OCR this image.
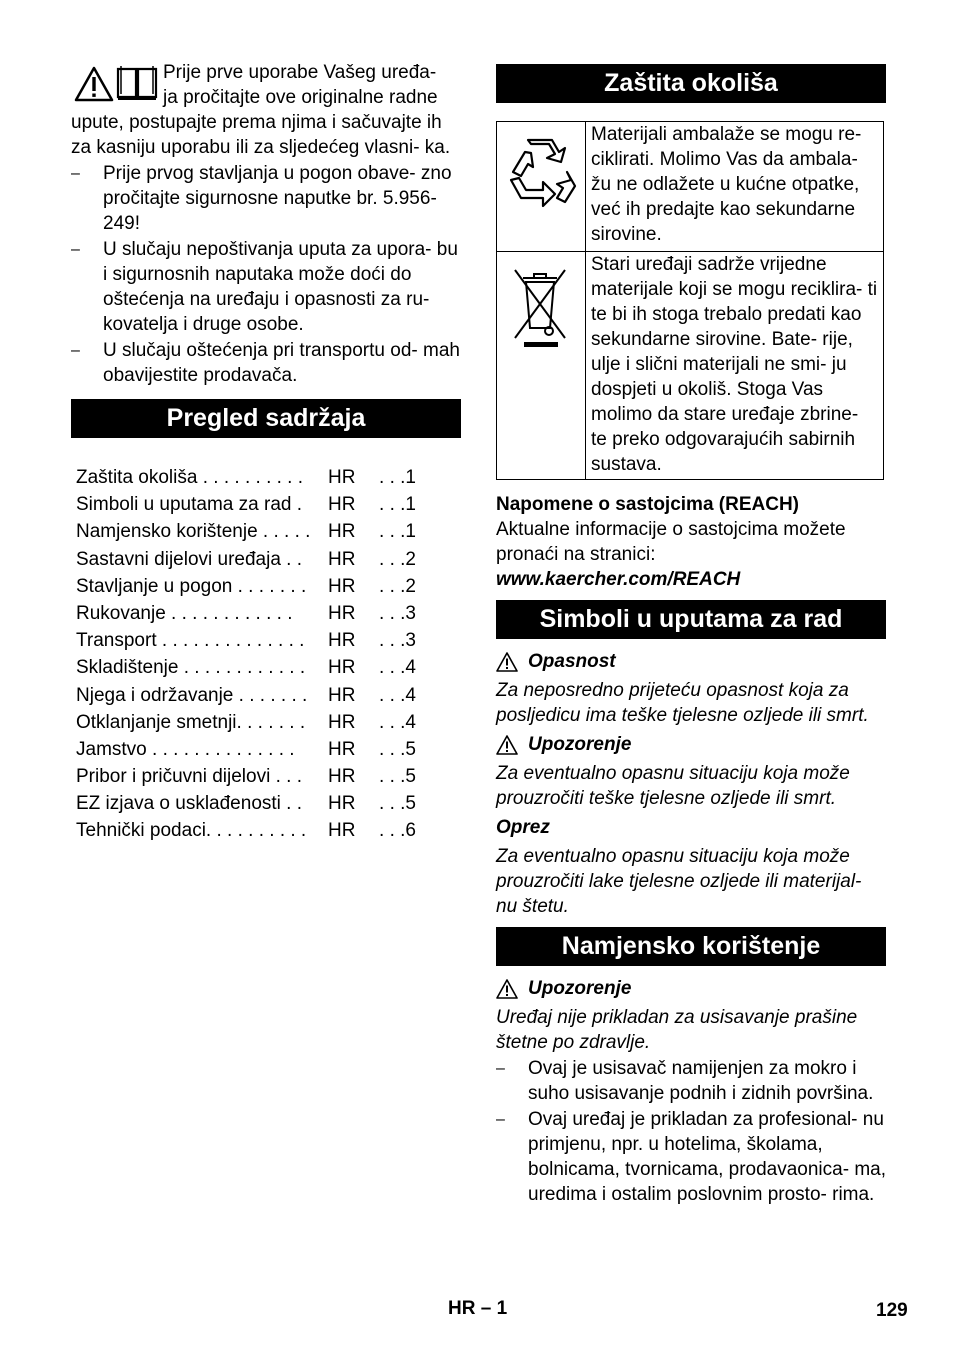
Prije prve uporabe Vašeg uređa-

ja pročitajte ove originalne radne

upute, postupajte prema njima i sačuvajte ih za kasniju uporabu ili za sljedećeg vlasni- ka.

–	Prije prvog stavljanja u pogon obave- zno pročitajte sigurnosne naputke br. 5.956-249!
–	U slučaju nepoštivanja uputa za upora- bu i sigurnosnih naputaka može doći do oštećenja na uređaju i opasnosti za ru- kovatelja i druge osobe.
–	U slučaju oštećenja pri transportu od- mah obavijestite prodavača.
Pregled sadržaja
Zaštita okoliša . . . . . . . . . .	HR	. . .1
Simboli u uputama za rad .	HR	. . .1
Namjensko korištenje . . . . . HR	. . .1
Sastavni dijelovi uređaja . .	HR	. . .2
Stavljanje u pogon . . . . . . .	HR	. . .2
Rukovanje . . . . . . . . . . . .	HR	. . .3
Transport . . . . . . . . . . . . . .	HR	. . .3
Skladištenje . . . . . . . . . . . .	HR	. . .4
Njega i održavanje . . . . . . .	HR	. . .4
Otklanjanje smetnji. . . . . . .	HR	. . .4
Jamstvo . . . . . . . . . . . . . .	HR	. . .5
Pribor i pričuvni dijelovi . . .	HR	. . .5
EZ izjava o usklađenosti . .	HR	. . .5
Tehnički podaci. . . . . . . . . .	HR	. . .6
Zaštita okoliša
	Materijali ambalaže se mogu re- ciklirati. Molimo Vas da ambala- žu ne odlažete u kućne otpatke, već ih predajte kao sekundarne sirovine.
	Stari uređaji sadrže vrijedne materijale koji se mogu reciklira- ti te bi ih stoga trebalo predati kao sekundarne sirovine. Bate- rije, ulje i slični materijali ne smi- ju dospjeti u okoliš. Stoga Vas molimo da stare uređaje zbrine- te preko odgovarajućih sabirnih sustava.

Napomene o sastojcima (REACH)

Aktualne informacije o sastojcima možete pronaći na stranici:

www.kaercher.com/REACH

Simboli u uputama za rad

Opasnost

Za neposredno prijeteću opasnost koja za posljedicu ima teške tjelesne ozljede ili smrt.

Upozorenje

Za eventualno opasnu situaciju koja može prouzročiti teške tjelesne ozljede ili smrt.

Oprez

Za eventualno opasnu situaciju koja može prouzročiti lake tjelesne ozljede ili materijal- nu štetu.

Namjensko korištenje

Upozorenje

Uređaj nije prikladan za usisavanje prašine štetne po zdravlje.

–	Ovaj je usisavač namijenjen za mokro i suho usisavanje podnih i zidnih površina.
–	Ovaj uređaj je prikladan za profesional- nu primjenu, npr. u hotelima, školama, bolnicama, tvornicama, prodavaonica- ma, uredima i ostalim poslovnim prosto- rima.
HR – 1	129
